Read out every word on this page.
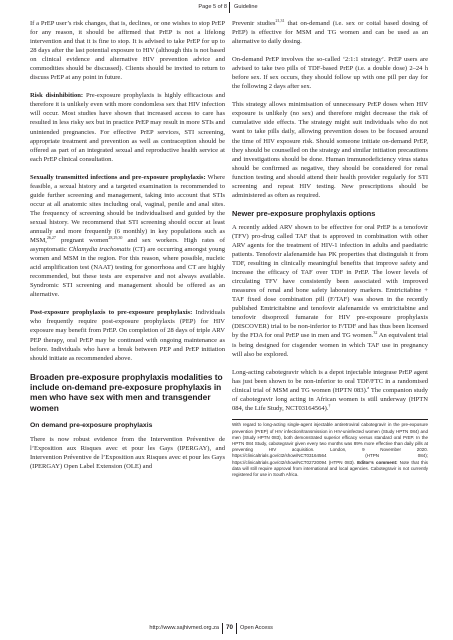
Page 5 of 8 Guideline

If a PrEP user’s risk changes, that is, declines, or one wishes to stop PrEP for any reason, it should be affirmed that PrEP is not a lifelong intervention and that it is fine to stop. It is advised to take PrEP for up to 28 days after the last potential exposure to HIV (although this is not based on clinical evidence and alternative HIV prevention advice and commodities should be discussed). Clients should be invited to return to discuss PrEP at any point in future.

Risk disinhibition: Pre-exposure prophylaxis is highly efficacious and therefore it is unlikely even with more condomless sex that HIV infection will occur. Most studies have shown that increased access to care has resulted in less risky sex but in practice PrEP may result in more STIs and unintended pregnancies. For effective PrEP services, STI screening, appropriate treatment and prevention as well as contraception should be offered as part of an integrated sexual and reproductive health service at each PrEP clinical consultation.

Sexually transmitted infections and pre-exposure prophylaxis: Where feasible, a sexual history and a targeted examination is recommended to guide further screening and management, taking into account that STIs occur at all anatomic sites including oral, vaginal, penile and anal sites. The frequency of screening should be individualised and guided by the sexual history. We recommend that STI screening should occur at least annually and more frequently (6 monthly) in key populations such as MSM,$^{26,27}$ pregnant women$^{28,29,30}$ and sex workers. High rates of asymptomatic Chlamydia trachomatis (CT) are occurring amongst young women and MSM in the region. For this reason, where possible, nucleic acid amplification test (NAAT) testing for gonorrhoea and CT are highly recommended, but these tests are expensive and not always available. Syndromic STI screening and management should be offered as an alternative.

Post-exposure prophylaxis to pre-exposure prophylaxis: Individuals who frequently require post-exposure prophylaxis (PEP) for HIV exposure may benefit from PrEP. On completion of 28 days of triple ARV PEP therapy, oral PrEP may be continued with ongoing maintenance as before. Individuals who have a break between PEP and PrEP initiation should initiate as recommended above.

Broaden pre-exposure prophylaxis modalities to include on-demand pre-exposure prophylaxis in men who have sex with men and transgender women
On demand pre-exposure prophylaxis

There is now robust evidence from the Intervention Préventive de l’Exposition aux Risques avec et pour les Gays (IPERGAY), and Intervention Préventive de l’Exposition aux Risques avec et pour les Gays (IPERGAY) Open Label Extension (OLE) and

Prevenir studies$^{21,31}$ that on-demand (i.e. sex or coital based dosing of PrEP) is effective for MSM and TG women and can be used as an alternative to daily dosing.

On-demand PrEP involves the so-called ‘2:1:1 strategy’. PrEP users are advised to take two pills of TDF-based PrEP (i.e. a double dose) 2–24 h before sex. If sex occurs, they should follow up with one pill per day for the following 2 days after sex.

This strategy allows minimisation of unnecessary PrEP doses when HIV exposure is unlikely (no sex) and therefore might decrease the risk of cumulative side effects. The strategy might suit individuals who do not want to take pills daily, allowing prevention doses to be focused around the time of HIV exposure risk. Should someone initiate on-demand PrEP, they should be counselled on the strategy and similar initiation precautions and investigations should be done. Human immunodeficiency virus status should be confirmed as negative, they should be considered for renal function testing and should attend their health provider regularly for STI screening and repeat HIV testing. New prescriptions should be administered as often as required.

Newer pre-exposure prophylaxis options

A recently added ARV shown to be effective for oral PrEP is a tenofovir (TFV) pro-drug called TAF that is approved in combination with other ARV agents for the treatment of HIV-1 infection in adults and paediatric patients. Tenofovir alafenamide has PK properties that distinguish it from TDF, resulting in clinically meaningful benefits that improve safety and increase the efficacy of TAF over TDF in PrEP. The lower levels of circulating TFV have consistently been associated with improved measures of renal and bone safety laboratory markers. Emtricitabine + TAF fixed dose combination pill (F/TAF) was shown in the recently published Emtricitabine and tenofovir alafenamide vs emtricitabine and tenofovir disoproxil fumarate for HIV pre-exposure prophylaxis (DISCOVER) trial to be non-inferior to F/TDF and has thus been licensed by the FDA for oral PrEP use in men and TG women.$^{32}$ An equivalent trial is being designed for cisgender women in which TAF use in pregnancy will also be explored.

Long-acting cabotegravir which is a depot injectable integrase PrEP agent has just been shown to be non-inferior to oral TDF/FTC in a randomised clinical trial of MSM and TG women (HPTN 083).$^a$ The companion study of cabotegravir long acting in African women is still underway (HPTN 084, the Life Study, NCT03164564).†

With regard to long-acting single-agent injectable antiretroviral cabotegravir in the pre-exposure prevention (PrEP) of HIV infection/transmission in HIV-uninfected women (Study HPTN 084) and men (Study HPTN 083), both demonstrated superior efficacy versus standard oral PrEP. In the HPTN 084 Study, cabotegravir given every two months was 89% more effective than daily pills at preventing HIV acquisition. London, 9 November 2020. https://clinicaltrials.gov/ct2/show/NCT03164564 (HTPN 084); https://clinicaltrials.gov/ct2/show/NCT02720094 (HTPN 083). Editor’s comment: Note that this data will still require approval from international and local agencies. Cabotegravir is not currently registered for use in South Africa.
http://www.sajhivmed.org.za 70 Open Access
